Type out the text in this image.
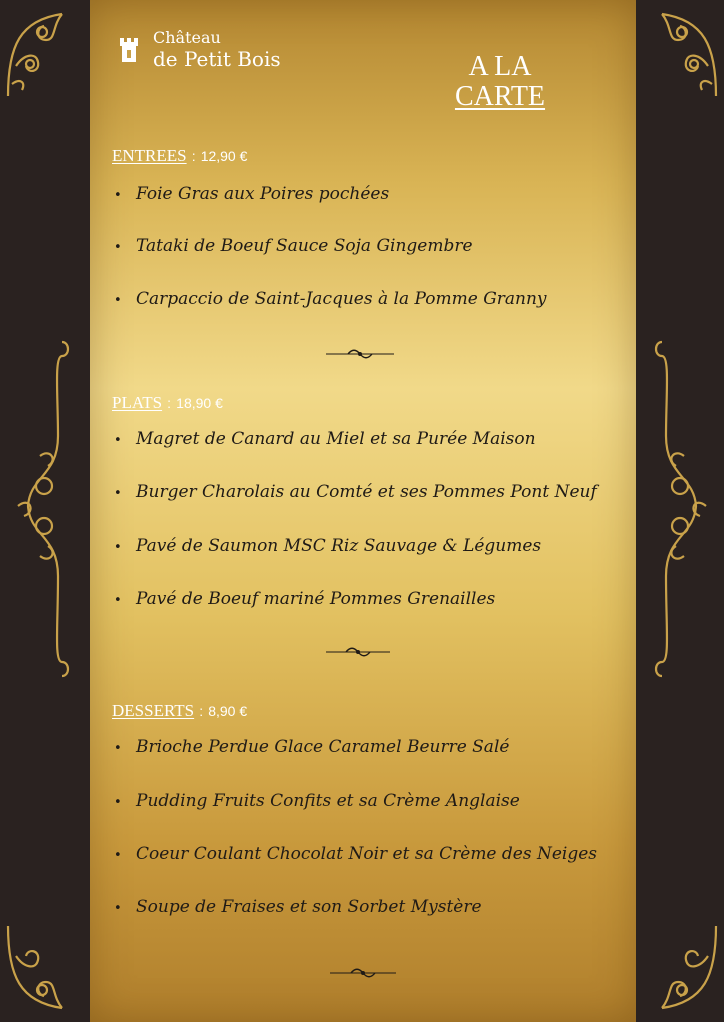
Château
de Petit Bois	A LA
CARTE
ENTREES : 12,90 €
• Foie Gras aux Poires pochées
• Tataki de Boeuf Sauce Soja Gingembre
• Carpaccio de Saint-Jacques à la Pomme Granny
PLATS : 18,90 €
• Magret de Canard au Miel et sa Purée Maison
• Burger Charolais au Comté et ses Pommes Pont Neuf
• Pavé de Saumon MSC Riz Sauvage & Légumes
• Pavé de Boeuf mariné Pommes Grenailles
DESSERTS : 8,90 €
• Brioche Perdue Glace Caramel Beurre Salé
• Pudding Fruits Confits et sa Crème Anglaise
• Coeur Coulant Chocolat Noir et sa Crème des Neiges
• Soupe de Fraises et son Sorbet Mystère
